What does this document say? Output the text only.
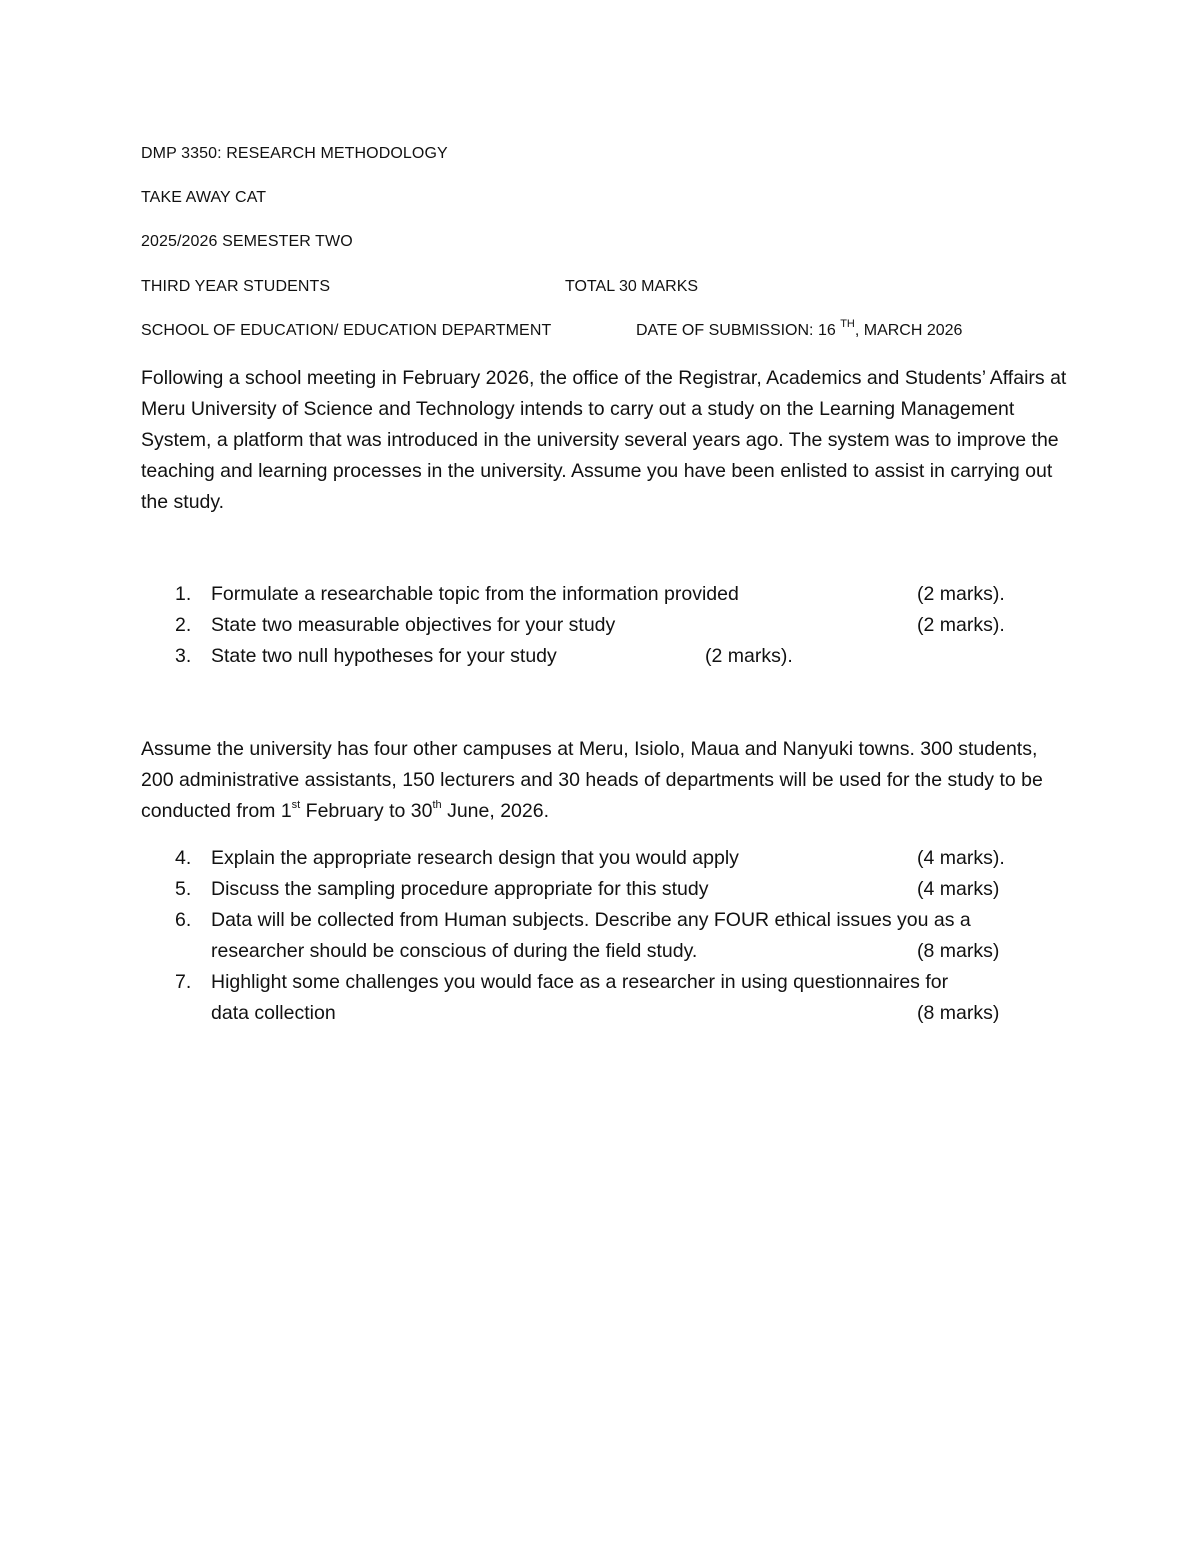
DMP 3350: RESEARCH METHODOLOGY
TAKE AWAY CAT
2025/2026 SEMESTER TWO
THIRD YEAR STUDENTS	TOTAL 30 MARKS
SCHOOL OF EDUCATION/ EDUCATION DEPARTMENT	DATE OF SUBMISSION: 16 $^{TH}$, MARCH 2026
Following a school meeting in February 2026, the office of the Registrar, Academics and Students’ Affairs at Meru University of Science and Technology intends to carry out a study on the Learning Management System, a platform that was introduced in the university several years ago. The system was to improve the teaching and learning processes in the university. Assume you have been enlisted to assist in carrying out the study.
1. Formulate a researchable topic from the information provided	(2 marks).
2. State two measurable objectives for your study	(2 marks).
3. State two null hypotheses for your study	(2 marks).
Assume the university has four other campuses at Meru, Isiolo, Maua and Nanyuki towns. 300 students, 200 administrative assistants, 150 lecturers and 30 heads of departments will be used for the study to be conducted from 1st February to 30th June, 2026.
4. Explain the appropriate research design that you would apply	(4 marks).
5. Discuss the sampling procedure appropriate for this study	(4 marks)
6. Data will be collected from Human subjects. Describe any FOUR ethical issues you as a
researcher should be conscious of during the field study.	(8 marks)
7. Highlight some challenges you would face as a researcher in using questionnaires for
data collection	(8 marks)
